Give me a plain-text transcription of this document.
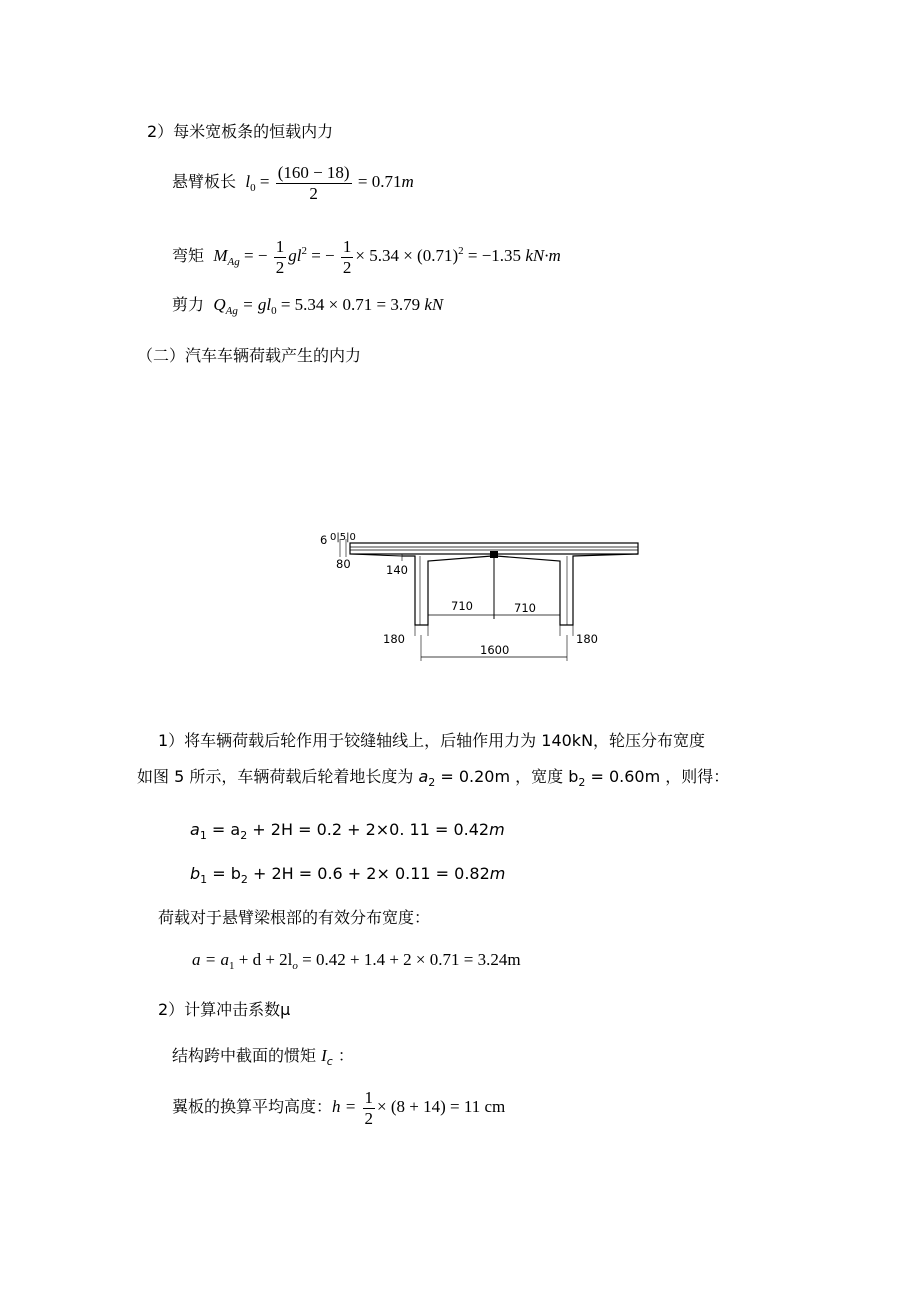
2）每米宽板条的恒载内力
悬臂板长 $l_0 = \frac{(160 - 18)}{2} = 0.71m$
弯矩 $M_{Ag}$ = − $\frac{1}{2} gl^2$ = − $\frac{1}{2} \times 5.34 \times (0.71)^2 = -1.35$ kN·m
剪力 $Q_{Ag} = gl_0 = 5.34 \times 0.71 = 3.79$ kN
（二）汽车车辆荷载产生的内力
6 0|5|0
80	140
710	710
180	180
1600
1）将车辆荷载后轮作用于铰缝轴线上，后轴作用力为 140kN，轮压分布宽度
如图 5 所示，车辆荷载后轮着地长度为 $a_2 = 0.20m$ ，宽度 $b_2 = 0.60m$ ，则得：
$a_1 = a_2 + 2H = 0.2 + 2\times 0$. 11 = 0.42m
$b_1 = b_2 + 2H = 0.6 + 2\times 0.11 = 0.82m$
荷载对于悬臂梁根部的有效分布宽度：
$a = a_1 + d + 2l_o = 0.42 + 1.4 + 2 \times 0.71 = 3.24m$
2）计算冲击系数μ
结构跨中截面的惯矩 $I_c$ ：
翼板的换算平均高度：$h = \frac{1}{2} \times (8 + 14) = 11$ cm
